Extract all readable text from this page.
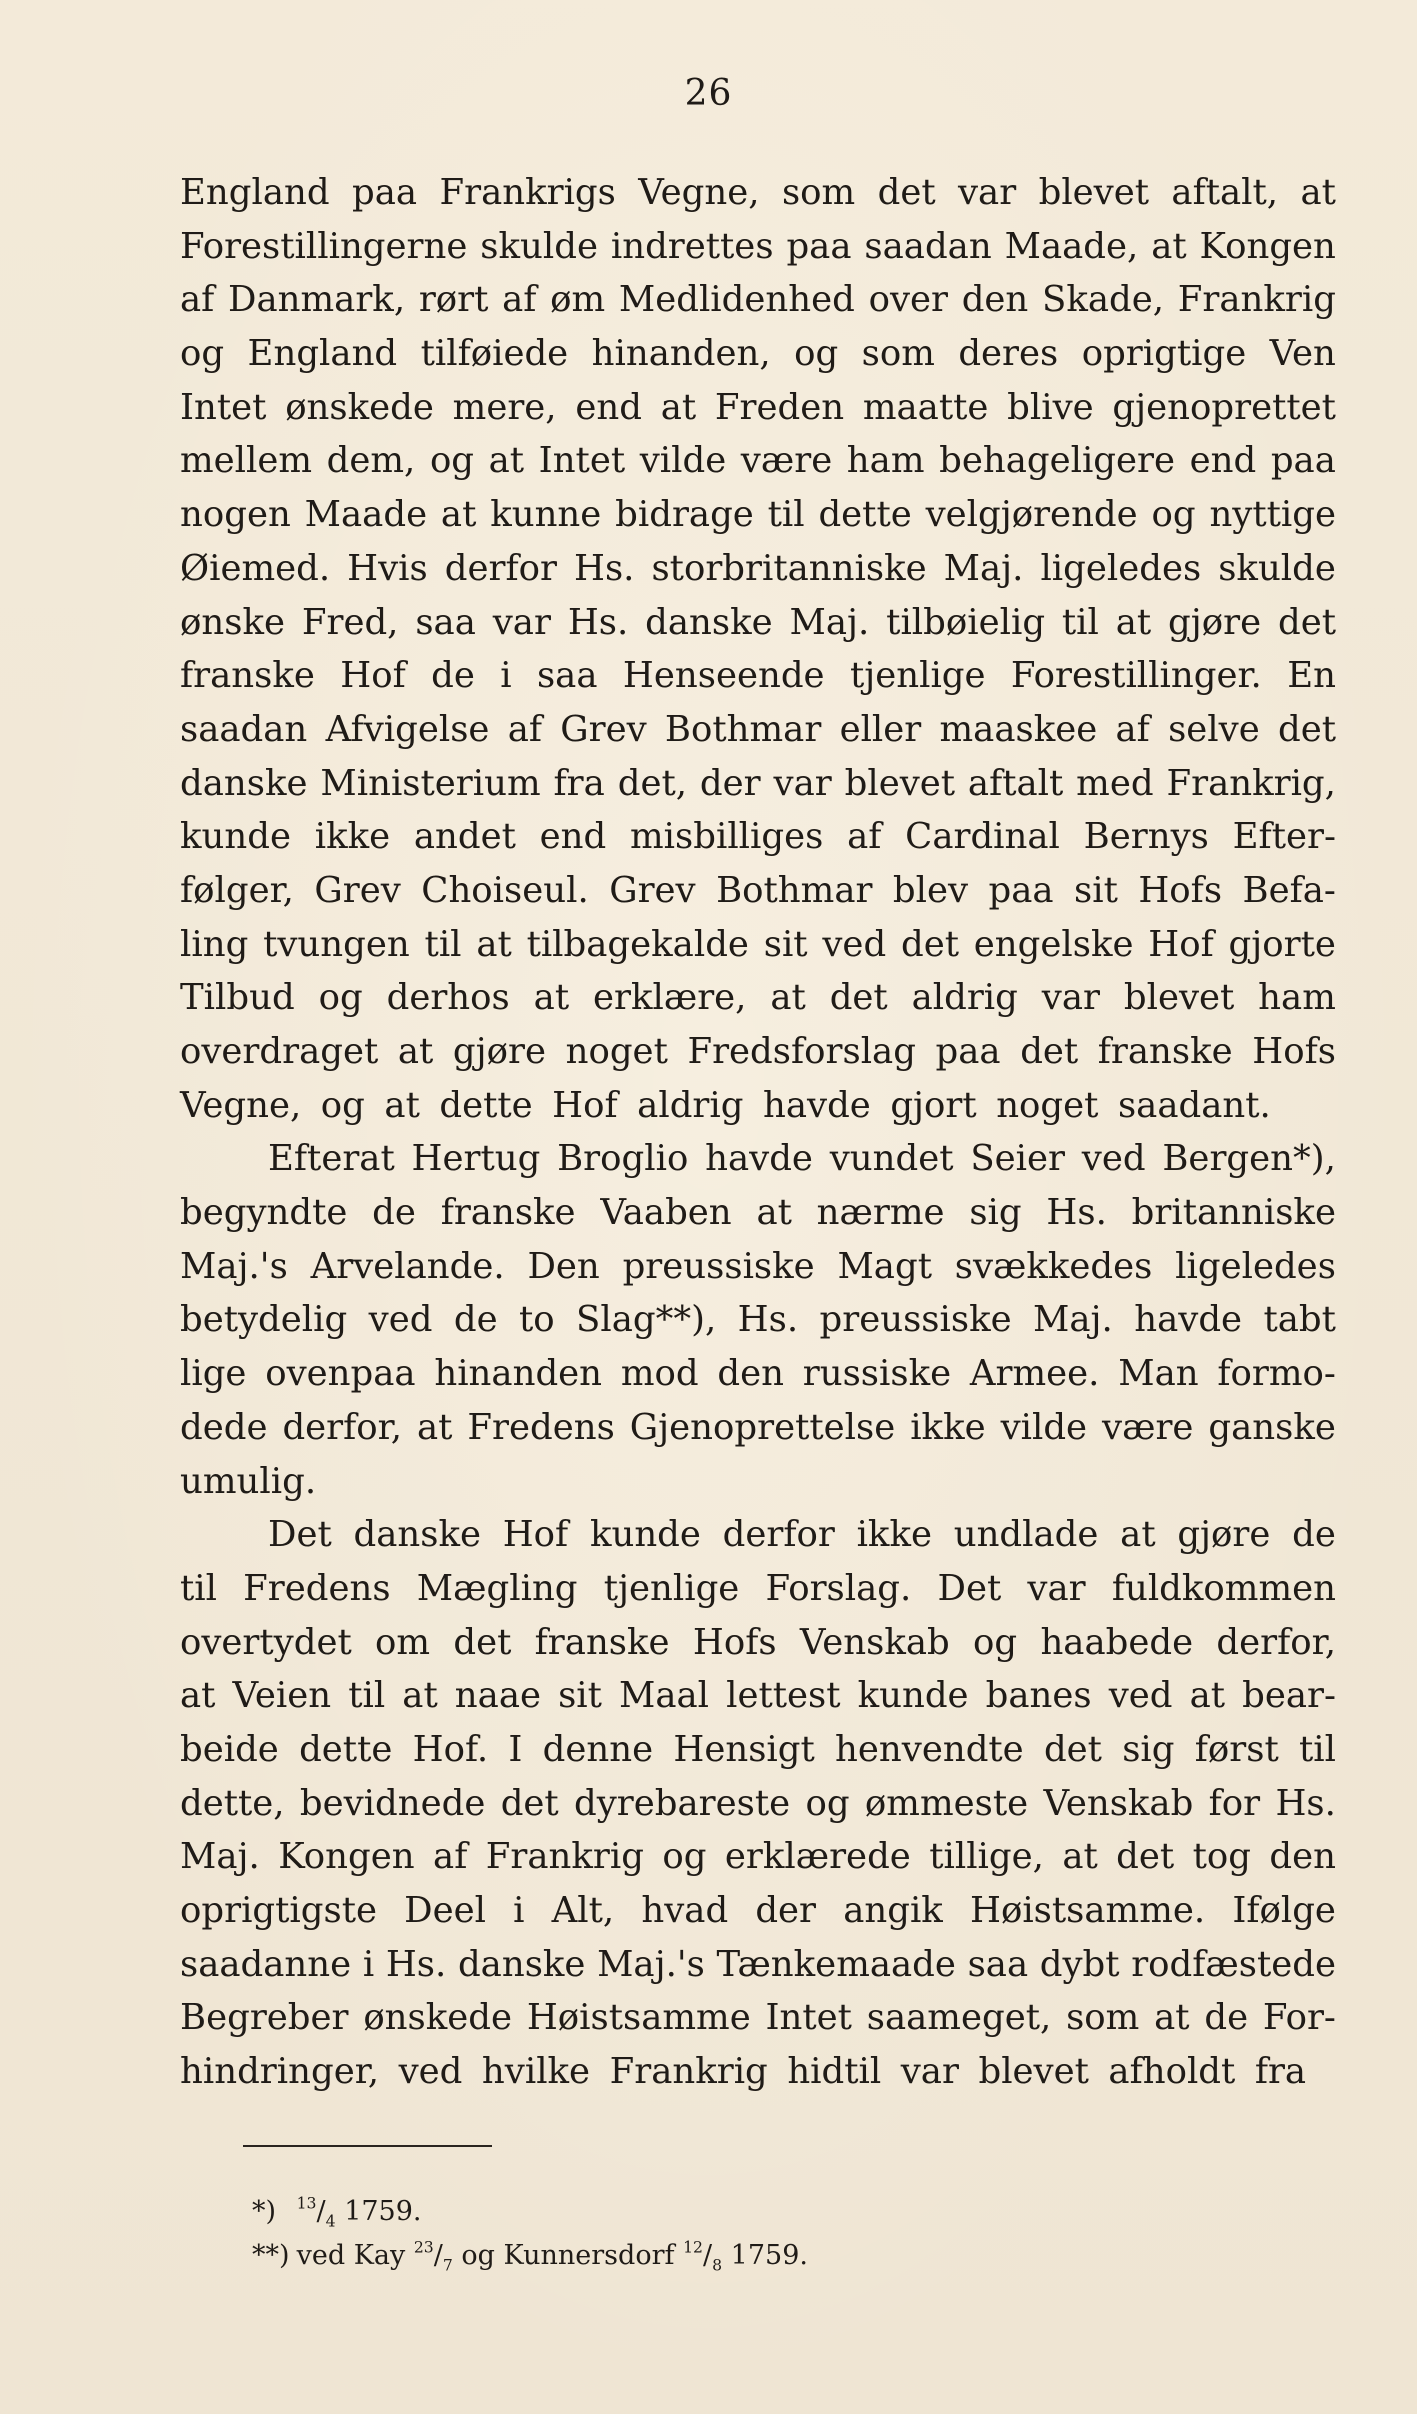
26
England paa Frankrigs Vegne, som det var blevet aftalt, at
Forestillingerne skulde indrettes paa saadan Maade, at Kongen
af Danmark, rørt af øm Medlidenhed over den Skade, Frankrig
og England tilføiede hinanden, og som deres oprigtige Ven
Intet ønskede mere, end at Freden maatte blive gjenoprettet
mellem dem, og at Intet vilde være ham behageligere end paa
nogen Maade at kunne bidrage til dette velgjørende og nyttige
Øiemed. Hvis derfor Hs. storbritanniske Maj. ligeledes skulde
ønske Fred, saa var Hs. danske Maj. tilbøielig til at gjøre det
franske Hof de i saa Henseende tjenlige Forestillinger. En
saadan Afvigelse af Grev Bothmar eller maaskee af selve det
danske Ministerium fra det, der var blevet aftalt med Frankrig,
kunde ikke andet end misbilliges af Cardinal Bernys Efter-
følger, Grev Choiseul. Grev Bothmar blev paa sit Hofs Befa-
ling tvungen til at tilbagekalde sit ved det engelske Hof gjorte
Tilbud og derhos at erklære, at det aldrig var blevet ham
overdraget at gjøre noget Fredsforslag paa det franske Hofs
Vegne, og at dette Hof aldrig havde gjort noget saadant.
Efterat Hertug Broglio havde vundet Seier ved Bergen*),
begyndte de franske Vaaben at nærme sig Hs. britanniske
Maj.'s Arvelande. Den preussiske Magt svækkedes ligeledes
betydelig ved de to Slag**), Hs. preussiske Maj. havde tabt
lige ovenpaa hinanden mod den russiske Armee. Man formo-
dede derfor, at Fredens Gjenoprettelse ikke vilde være ganske
umulig.
Det danske Hof kunde derfor ikke undlade at gjøre de
til Fredens Mægling tjenlige Forslag. Det var fuldkommen
overtydet om det franske Hofs Venskab og haabede derfor,
at Veien til at naae sit Maal lettest kunde banes ved at bear-
beide dette Hof. I denne Hensigt henvendte det sig først til
dette, bevidnede det dyrebareste og ømmeste Venskab for Hs.
Maj. Kongen af Frankrig og erklærede tillige, at det tog den
oprigtigste Deel i Alt, hvad der angik Høistsamme. Ifølge
saadanne i Hs. danske Maj.'s Tænkemaade saa dybt rodfæstede
Begreber ønskede Høistsamme Intet saameget, som at de For-
hindringer, ved hvilke Frankrig hidtil var blevet afholdt fra
*) $^{13}/_4$ 1759.
**) ved Kay $^{23}/_7$ og Kunnersdorf $^{12}/_8$ 1759.
